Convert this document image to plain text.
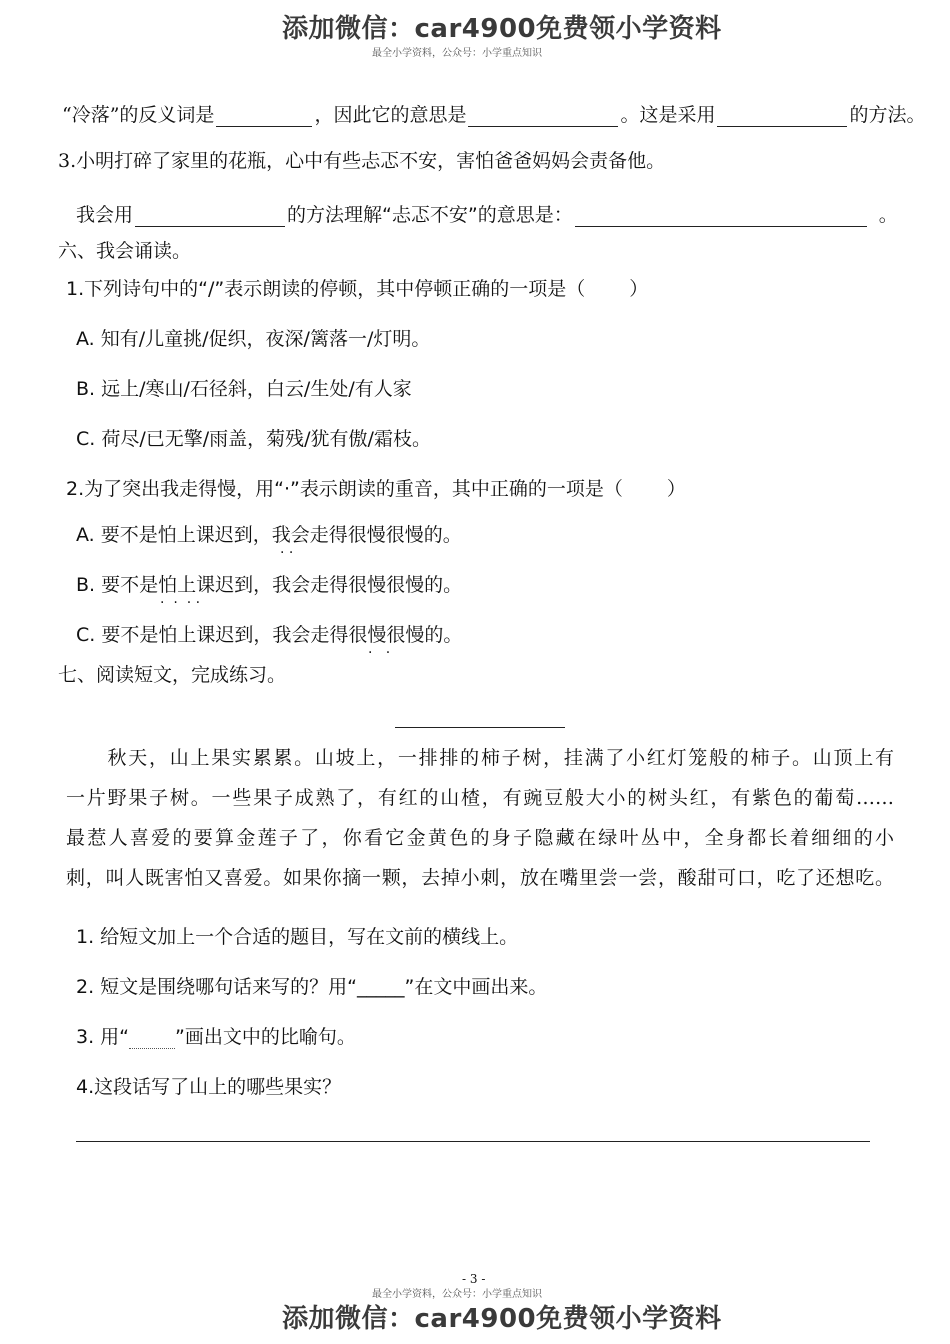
添加微信：car4900免费领小学资料
最全小学资料，公众号：小学重点知识
“冷落”的反义词是	，因此它的意思是	。这是采用	的方法。
3.小明打碎了家里的花瓶，心中有些忐忑不安，害怕爸爸妈妈会责备他。
我会用	的方法理解“忐忑不安”的意思是：	。
六、我会诵读。
1.下列诗句中的“/”表示朗读的停顿，其中停顿正确的一项是（ ）
A. 知有/儿童挑/促织，夜深/篱落一/灯明。
B. 远上/寒山/石径斜，白云/生处/有人家
C. 荷尽/已无擎/雨盖，菊残/犹有傲/霜枝。
2.为了突出我走得慢，用“·”表示朗读的重音，其中正确的一项是（ ）
A. 要不是怕上课迟到，我会走得很慢很慢的。
B. 要不是怕上课迟到，我会走得很慢很慢的。
C. 要不是怕上课迟到，我会走得很慢很慢的。
· ·
·  ·  · ·
·   ·
七、阅读短文，完成练习。
　　秋天，山上果实累累。山坡上，一排排的柿子树，挂满了小红灯笼般的柿子。山顶上有
一片野果子树。一些果子成熟了，有红的山楂，有豌豆般大小的树头红，有紫色的葡萄……
最惹人喜爱的要算金莲子了，你看它金黄色的身子隐藏在绿叶丛中，全身都长着细细的小
刺，叫人既害怕又喜爱。如果你摘一颗，去掉小刺，放在嘴里尝一尝，酸甜可口，吃了还想吃。
1. 给短文加上一个合适的题目，写在文前的横线上。
2. 短文是围绕哪句话来写的？用“_____”在文中画出来。
3. 用“ ”画出文中的比喻句。
4.这段话写了山上的哪些果实？
- 3 -
最全小学资料，公众号：小学重点知识
添加微信：car4900免费领小学资料
